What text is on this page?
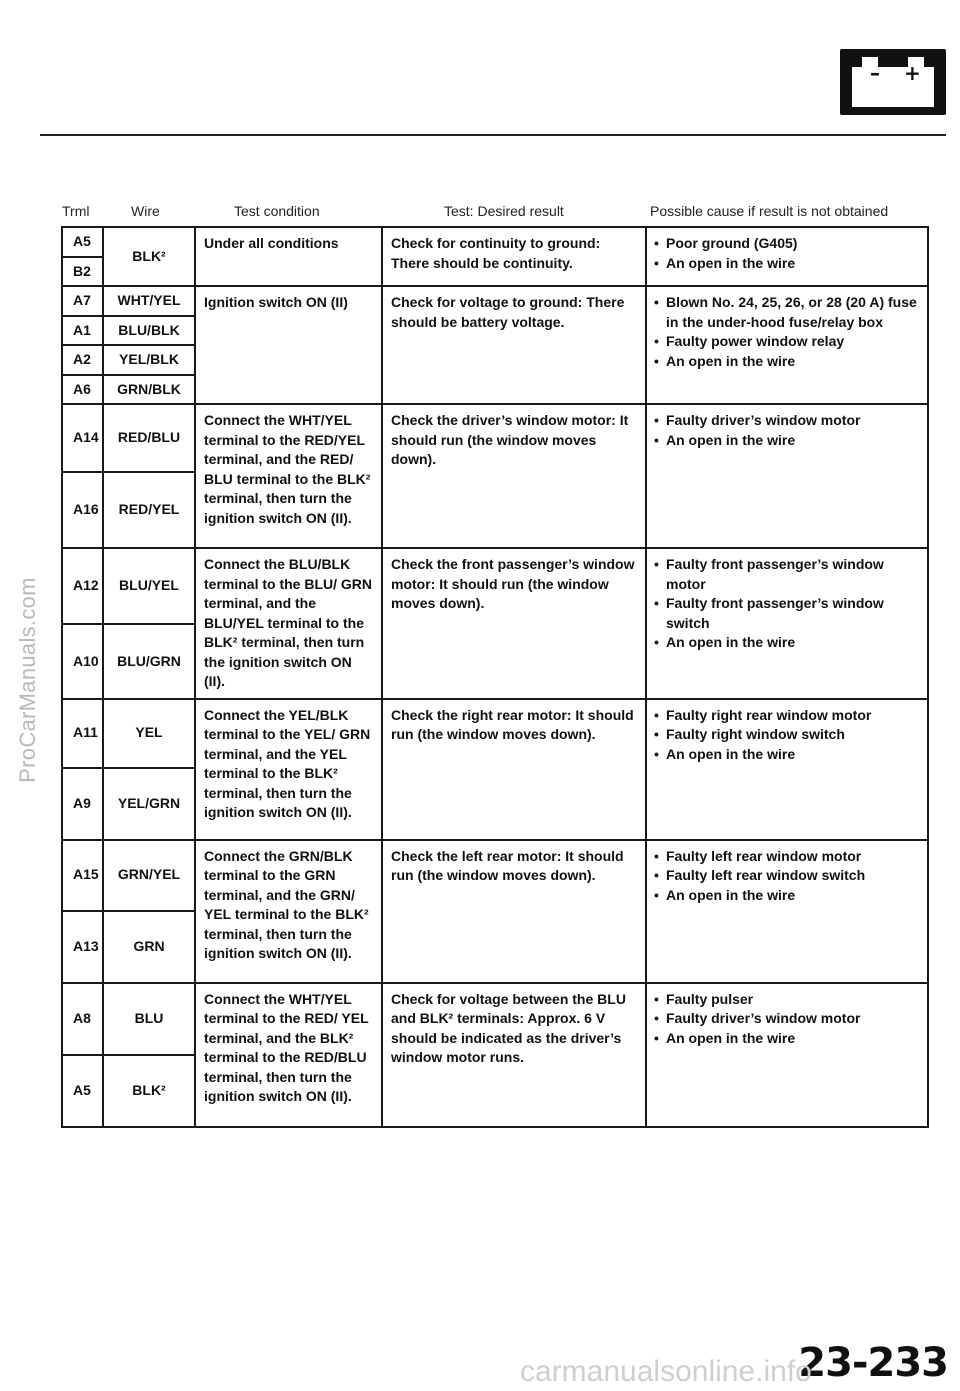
– +
ProCarManuals.com
Trml	Wire	Test condition	Test: Desired result	Possible cause if result is not obtained
A5	BLK²	Under all conditions	Check for continuity to ground: There should be continuity.	• Poor ground (G405)
• An open in the wire

B2				
A7	WHT/YEL	Ignition switch ON (II)	Check for voltage to ground: There should be battery voltage.	• Blown No. 24, 25, 26, or 28 (20 A) fuse in the under-hood fuse/relay box
• Faulty power window relay
• An open in the wire

A1	BLU/BLK			
A2	YEL/BLK			
A6	GRN/BLK			
A14	RED/BLU	Connect the WHT/YEL terminal to the RED/YEL terminal, and the RED/ BLU terminal to the BLK² terminal, then turn the ignition switch ON (II).	Check the driver’s window motor: It should run (the window moves down).	• Faulty driver’s window motor
• An open in the wire

A16	RED/YEL			
A12	BLU/YEL	Connect the BLU/BLK terminal to the BLU/ GRN terminal, and the BLU/YEL terminal to the BLK² terminal, then turn the ignition switch ON (II).	Check the front passenger’s window motor: It should run (the window moves down).	• Faulty front passenger’s window motor
• Faulty front passenger’s window switch
• An open in the wire

A10	BLU/GRN			
A11	YEL	Connect the YEL/BLK terminal to the YEL/ GRN terminal, and the YEL terminal to the BLK² terminal, then turn the ignition switch ON (II).	Check the right rear motor: It should run (the window moves down).	• Faulty right rear window motor
• Faulty right window switch
• An open in the wire

A9	YEL/GRN			
A15	GRN/YEL	Connect the GRN/BLK terminal to the GRN terminal, and the GRN/ YEL terminal to the BLK² terminal, then turn the ignition switch ON (II).	Check the left rear motor: It should run (the window moves down).	• Faulty left rear window motor
• Faulty left rear window switch
• An open in the wire

A13	GRN			
A8	BLU	Connect the WHT/YEL terminal to the RED/ YEL terminal, and the BLK² terminal to the RED/BLU terminal, then turn the ignition switch ON (II).	Check for voltage between the BLU and BLK² terminals: Approx. 6 V should be indicated as the driver’s window motor runs.	• Faulty pulser
• Faulty driver’s window motor
• An open in the wire

A5	BLK²			
23-233
carmanualsonline.info
